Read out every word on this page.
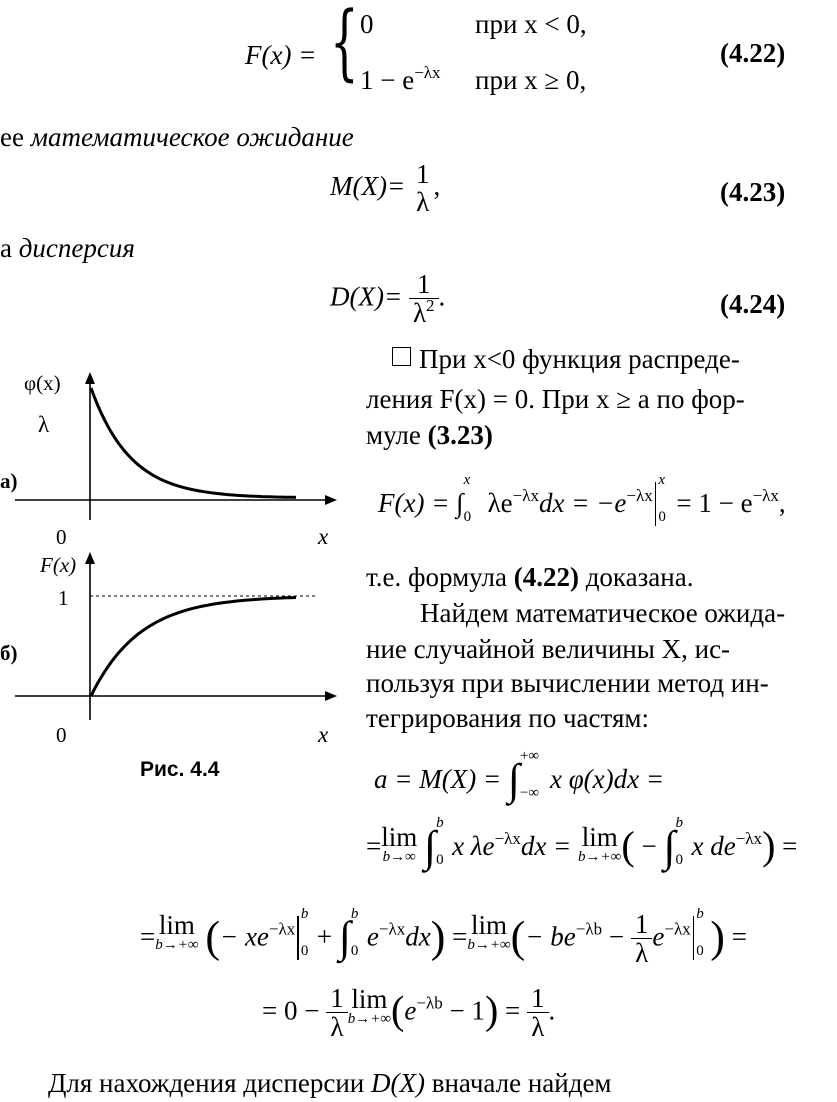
F(x) = { 0	при x < 0,
$1 - e^{-\lambda x}$ при x ≥ 0,
(4.22)
ее математическое ожидание
M(X)= 1
λ
,	(4.23)
а дисперсия
$D(X)= \frac{1}{\lambda^2}$ .	(4.24)
φ(x)
λ
а)
0	x
F(x)
1
б)
0	x
Рис. 4.4
При x<0 функция распреде-
ления F(x) = 0. При x ≥ a по фор-
муле (3.23)
F(x) = ∫
x
0 $\lambda e^{-\lambda x}dx = -e^{-\lambda x}$
x
$0 = 1 - e^{-\lambda x}$,
т.е. формула (4.22) доказана.
Найдем математическое ожида-
ние случайной величины X, ис-
пользуя при вычислении метод ин-
тегрирования по частям:
a = M(X) = ∫ +∞
−∞ x φ(x)dx =
=lim
b→∞ ∫ b
0 x $\lambda e^{-\lambda x}dx = \lim$
b→+∞ ( − ∫ b
0 x $de^{-\lambda x}$) =
= lim
b→+∞ (− $xe^{-\lambda x}$
b
0 + ∫ b
0 $e^{-\lambda x}dx) = \lim$
b→+∞ (− $be^{-\lambda b} - \frac{1}{\lambda} e^{-\lambda x}$
b
0 ) =
= $0 - \frac{1}{\lambda}$ lim
b→+∞ $(e^{-\lambda b} - 1) = \frac{1}{\lambda}$ .
Для нахождения дисперсии D(X) вначале найдем
